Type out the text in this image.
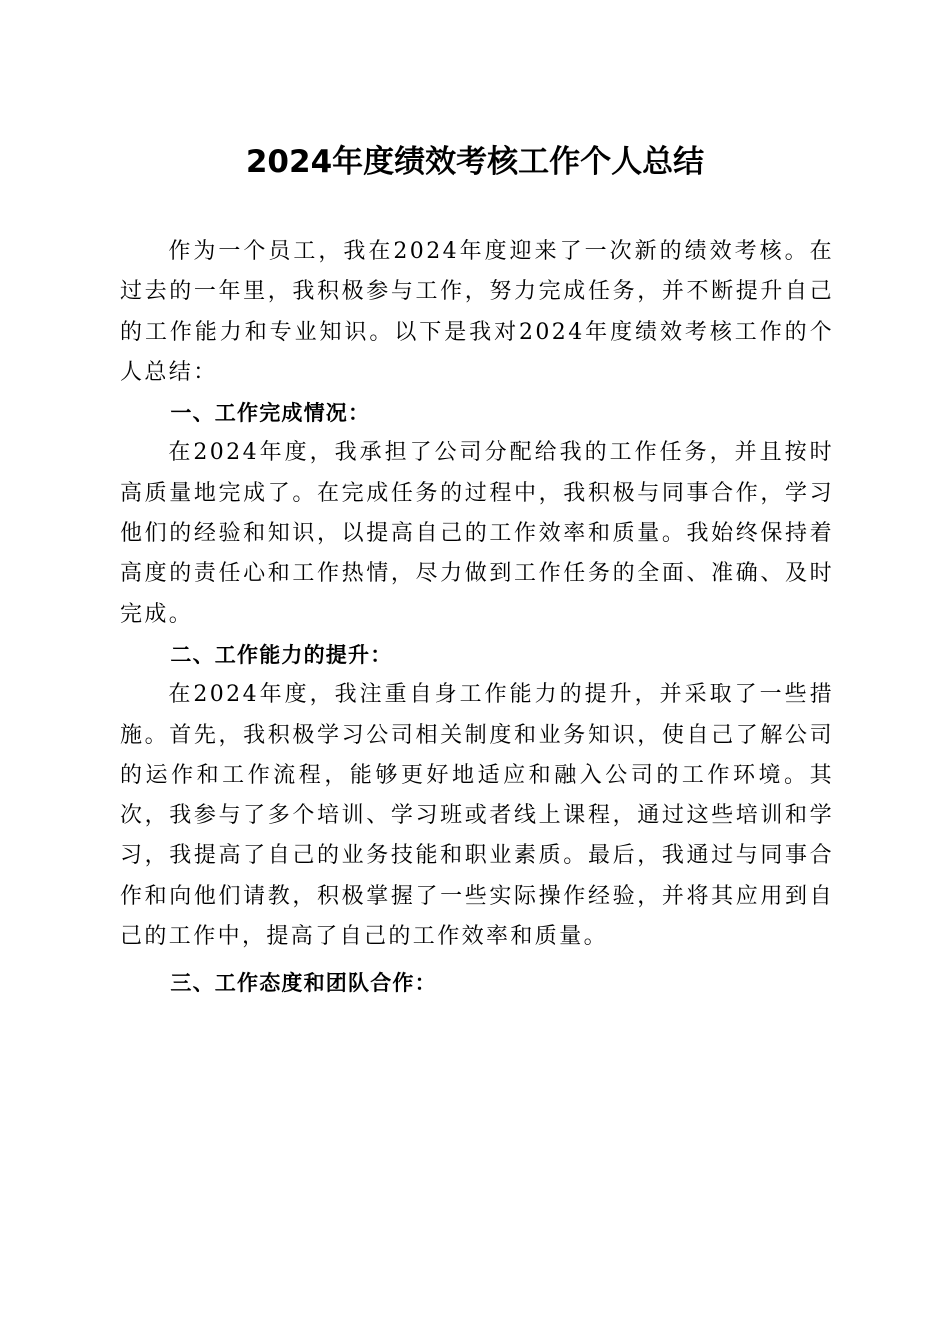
2024年度绩效考核工作个人总结

作为一个员工，我在2024年度迎来了一次新的绩效考核。在过去的一年里，我积极参与工作，努力完成任务，并不断提升自己的工作能力和专业知识。以下是我对2024年度绩效考核工作的个人总结：

一、工作完成情况：

在2024年度，我承担了公司分配给我的工作任务，并且按时高质量地完成了。在完成任务的过程中，我积极与同事合作，学习他们的经验和知识，以提高自己的工作效率和质量。我始终保持着高度的责任心和工作热情，尽力做到工作任务的全面、准确、及时完成。

二、工作能力的提升：

在2024年度，我注重自身工作能力的提升，并采取了一些措施。首先，我积极学习公司相关制度和业务知识，使自己了解公司的运作和工作流程，能够更好地适应和融入公司的工作环境。其次，我参与了多个培训、学习班或者线上课程，通过这些培训和学习，我提高了自己的业务技能和职业素质。最后，我通过与同事合作和向他们请教，积极掌握了一些实际操作经验，并将其应用到自己的工作中，提高了自己的工作效率和质量。

三、工作态度和团队合作：
